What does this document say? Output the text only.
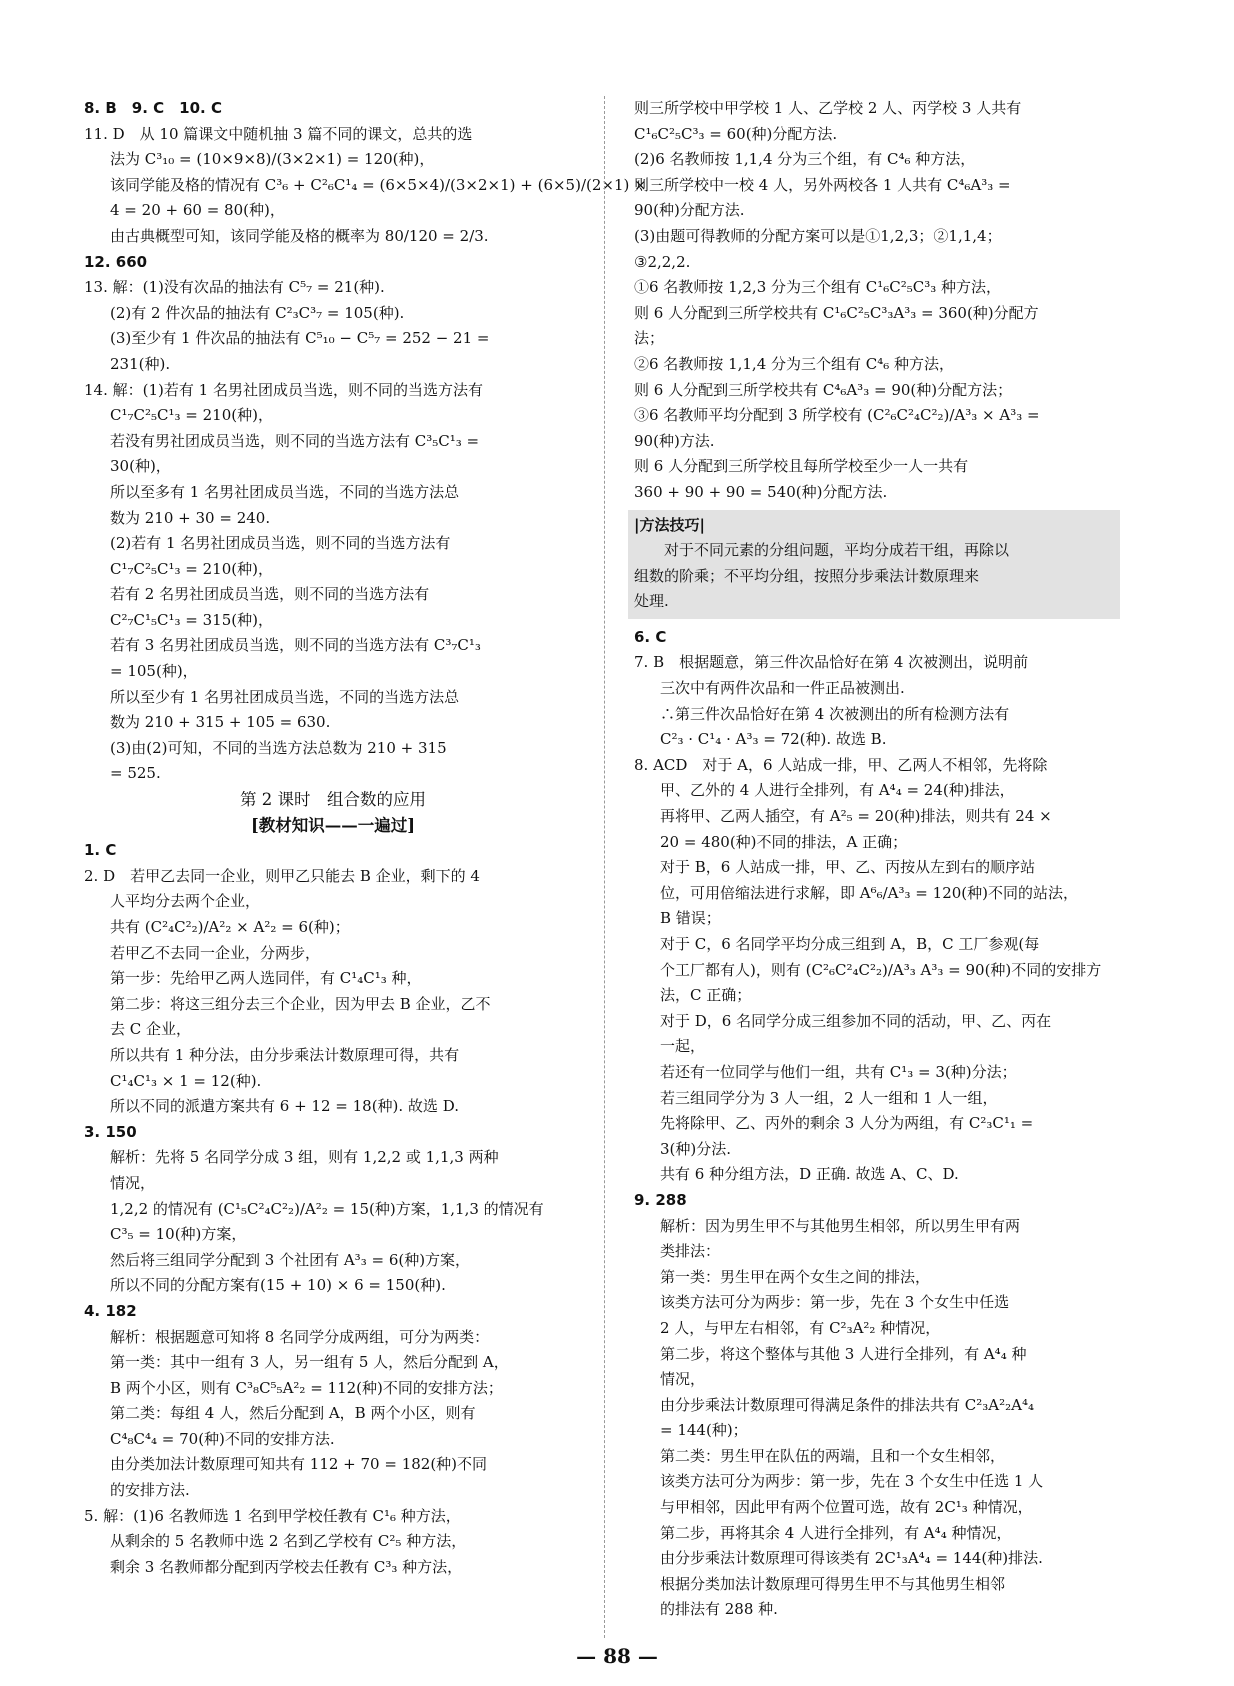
8. B　9. C　10. C
11. D　从 10 篇课文中随机抽 3 篇不同的课文，总共的选
法为 C³₁₀ = (10×9×8)/(3×2×1) = 120(种)，
该同学能及格的情况有 C³₆ + C²₆C¹₄ = (6×5×4)/(3×2×1) + (6×5)/(2×1) ×
4 = 20 + 60 = 80(种)，
由古典概型可知，该同学能及格的概率为 80/120 = 2/3.
12. 660
13. 解：(1)没有次品的抽法有 C⁵₇ = 21(种).
(2)有 2 件次品的抽法有 C²₃C³₇ = 105(种).
(3)至少有 1 件次品的抽法有 C⁵₁₀ − C⁵₇ = 252 − 21 =
231(种).
14. 解：(1)若有 1 名男社团成员当选，则不同的当选方法有
C¹₇C²₅C¹₃ = 210(种)，
若没有男社团成员当选，则不同的当选方法有 C³₅C¹₃ =
30(种)，
所以至多有 1 名男社团成员当选，不同的当选方法总
数为 210 + 30 = 240.
(2)若有 1 名男社团成员当选，则不同的当选方法有
C¹₇C²₅C¹₃ = 210(种)，
若有 2 名男社团成员当选，则不同的当选方法有
C²₇C¹₅C¹₃ = 315(种)，
若有 3 名男社团成员当选，则不同的当选方法有 C³₇C¹₃
= 105(种)，
所以至少有 1 名男社团成员当选，不同的当选方法总
数为 210 + 315 + 105 = 630.
(3)由(2)可知，不同的当选方法总数为 210 + 315
= 525.
第 2 课时　组合数的应用
[教材知识——一遍过]
1. C
2. D　若甲乙去同一企业，则甲乙只能去 B 企业，剩下的 4
人平均分去两个企业，
共有 (C²₄C²₂)/A²₂ × A²₂ = 6(种)；
若甲乙不去同一企业，分两步，
第一步：先给甲乙两人选同伴，有 C¹₄C¹₃ 种，
第二步：将这三组分去三个企业，因为甲去 B 企业，乙不
去 C 企业，
所以共有 1 种分法，由分步乘法计数原理可得，共有
C¹₄C¹₃ × 1 = 12(种).
所以不同的派遣方案共有 6 + 12 = 18(种). 故选 D.
3. 150
解析：先将 5 名同学分成 3 组，则有 1,2,2 或 1,1,3 两种
情况，
1,2,2 的情况有 (C¹₅C²₄C²₂)/A²₂ = 15(种)方案，1,1,3 的情况有
C³₅ = 10(种)方案，
然后将三组同学分配到 3 个社团有 A³₃ = 6(种)方案，
所以不同的分配方案有(15 + 10) × 6 = 150(种).
4. 182
解析：根据题意可知将 8 名同学分成两组，可分为两类：
第一类：其中一组有 3 人，另一组有 5 人，然后分配到 A，
B 两个小区，则有 C³₈C⁵₅A²₂ = 112(种)不同的安排方法；
第二类：每组 4 人，然后分配到 A，B 两个小区，则有
C⁴₈C⁴₄ = 70(种)不同的安排方法.
由分类加法计数原理可知共有 112 + 70 = 182(种)不同
的安排方法.
5. 解：(1)6 名教师选 1 名到甲学校任教有 C¹₆ 种方法，
从剩余的 5 名教师中选 2 名到乙学校有 C²₅ 种方法，
剩余 3 名教师都分配到丙学校去任教有 C³₃ 种方法，
则三所学校中甲学校 1 人、乙学校 2 人、丙学校 3 人共有
C¹₆C²₅C³₃ = 60(种)分配方法.
(2)6 名教师按 1,1,4 分为三个组，有 C⁴₆ 种方法，
则三所学校中一校 4 人，另外两校各 1 人共有 C⁴₆A³₃ =
90(种)分配方法.
(3)由题可得教师的分配方案可以是①1,2,3；②1,1,4；
③2,2,2.
①6 名教师按 1,2,3 分为三个组有 C¹₆C²₅C³₃ 种方法，
则 6 人分配到三所学校共有 C¹₆C²₅C³₃A³₃ = 360(种)分配方
法；
②6 名教师按 1,1,4 分为三个组有 C⁴₆ 种方法，
则 6 人分配到三所学校共有 C⁴₆A³₃ = 90(种)分配方法；
③6 名教师平均分配到 3 所学校有 (C²₆C²₄C²₂)/A³₃ × A³₃ =
90(种)方法.
则 6 人分配到三所学校且每所学校至少一人一共有
360 + 90 + 90 = 540(种)分配方法.
|方法技巧|
　　对于不同元素的分组问题，平均分成若干组，再除以
组数的阶乘；不平均分组，按照分步乘法计数原理来
处理.
6. C
7. B　根据题意，第三件次品恰好在第 4 次被测出，说明前
三次中有两件次品和一件正品被测出.
∴第三件次品恰好在第 4 次被测出的所有检测方法有
C²₃ · C¹₄ · A³₃ = 72(种). 故选 B.
8. ACD　对于 A，6 人站成一排，甲、乙两人不相邻，先将除
甲、乙外的 4 人进行全排列，有 A⁴₄ = 24(种)排法，
再将甲、乙两人插空，有 A²₅ = 20(种)排法，则共有 24 ×
20 = 480(种)不同的排法，A 正确；
对于 B，6 人站成一排，甲、乙、丙按从左到右的顺序站
位，可用倍缩法进行求解，即 A⁶₆/A³₃ = 120(种)不同的站法，
B 错误；
对于 C，6 名同学平均分成三组到 A，B，C 工厂参观(每
个工厂都有人)，则有 (C²₆C²₄C²₂)/A³₃ A³₃ = 90(种)不同的安排方
法，C 正确；
对于 D，6 名同学分成三组参加不同的活动，甲、乙、丙在
一起，
若还有一位同学与他们一组，共有 C¹₃ = 3(种)分法；
若三组同学分为 3 人一组，2 人一组和 1 人一组，
先将除甲、乙、丙外的剩余 3 人分为两组，有 C²₃C¹₁ =
3(种)分法.
共有 6 种分组方法，D 正确. 故选 A、C、D.
9. 288
解析：因为男生甲不与其他男生相邻，所以男生甲有两
类排法：
第一类：男生甲在两个女生之间的排法，
该类方法可分为两步：第一步，先在 3 个女生中任选
2 人，与甲左右相邻，有 C²₃A²₂ 种情况，
第二步，将这个整体与其他 3 人进行全排列，有 A⁴₄ 种
情况，
由分步乘法计数原理可得满足条件的排法共有 C²₃A²₂A⁴₄
= 144(种)；
第二类：男生甲在队伍的两端，且和一个女生相邻，
该类方法可分为两步：第一步，先在 3 个女生中任选 1 人
与甲相邻，因此甲有两个位置可选，故有 2C¹₃ 种情况，
第二步，再将其余 4 人进行全排列，有 A⁴₄ 种情况，
由分步乘法计数原理可得该类有 2C¹₃A⁴₄ = 144(种)排法.
根据分类加法计数原理可得男生甲不与其他男生相邻
的排法有 288 种.
— 88 —
